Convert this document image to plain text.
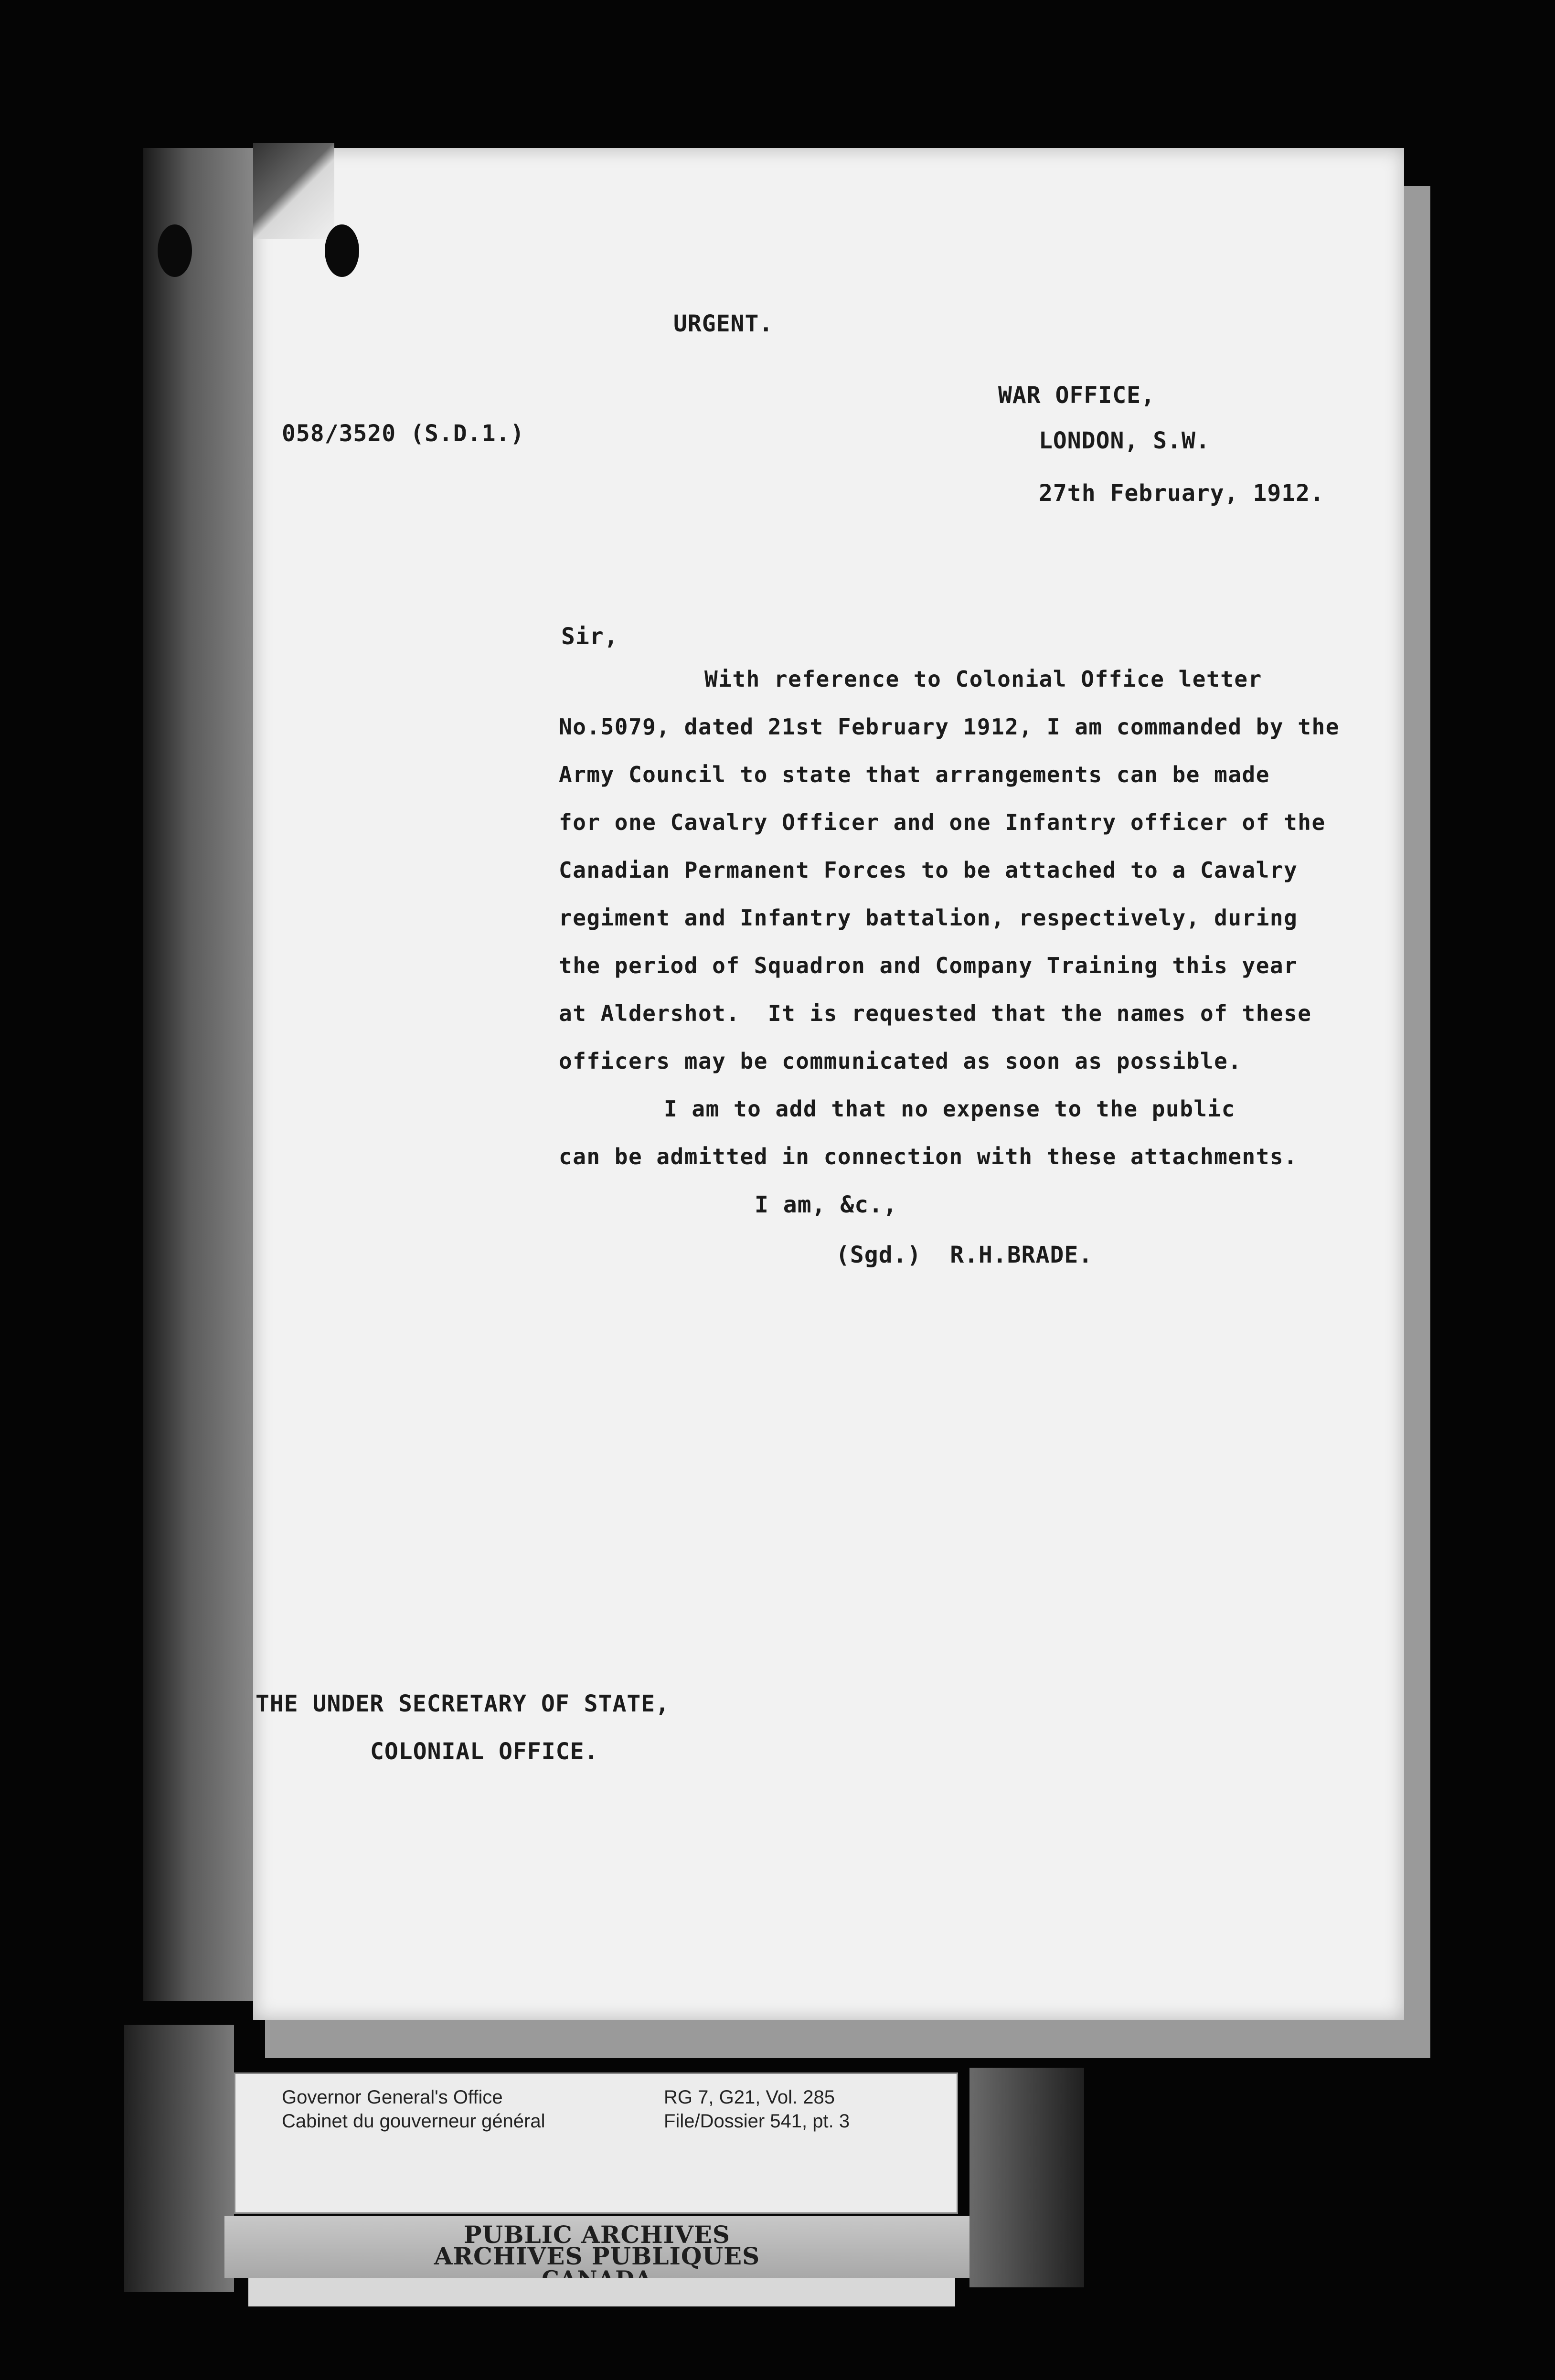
URGENT.
058/3520 (S.D.1.)
WAR OFFICE,
LONDON, S.W.
27th February, 1912.
Sir,
With reference to Colonial Office letter
No.5079, dated 21st February 1912, I am commanded by the
Army Council to state that arrangements can be made
for one Cavalry Officer and one Infantry officer of the
Canadian Permanent Forces to be attached to a Cavalry
regiment and Infantry battalion, respectively, during
the period of Squadron and Company Training this year
at Aldershot.  It is requested that the names of these
officers may be communicated as soon as possible.
I am to add that no expense to the public
can be admitted in connection with these attachments.
I am, &c.,
(Sgd.)  R.H.BRADE.
THE UNDER SECRETARY OF STATE,
COLONIAL OFFICE.
Governor General's Office
Cabinet du gouverneur général
RG 7, G21, Vol. 285
File/Dossier 541, pt. 3
PUBLIC ARCHIVES
ARCHIVES PUBLIQUES
